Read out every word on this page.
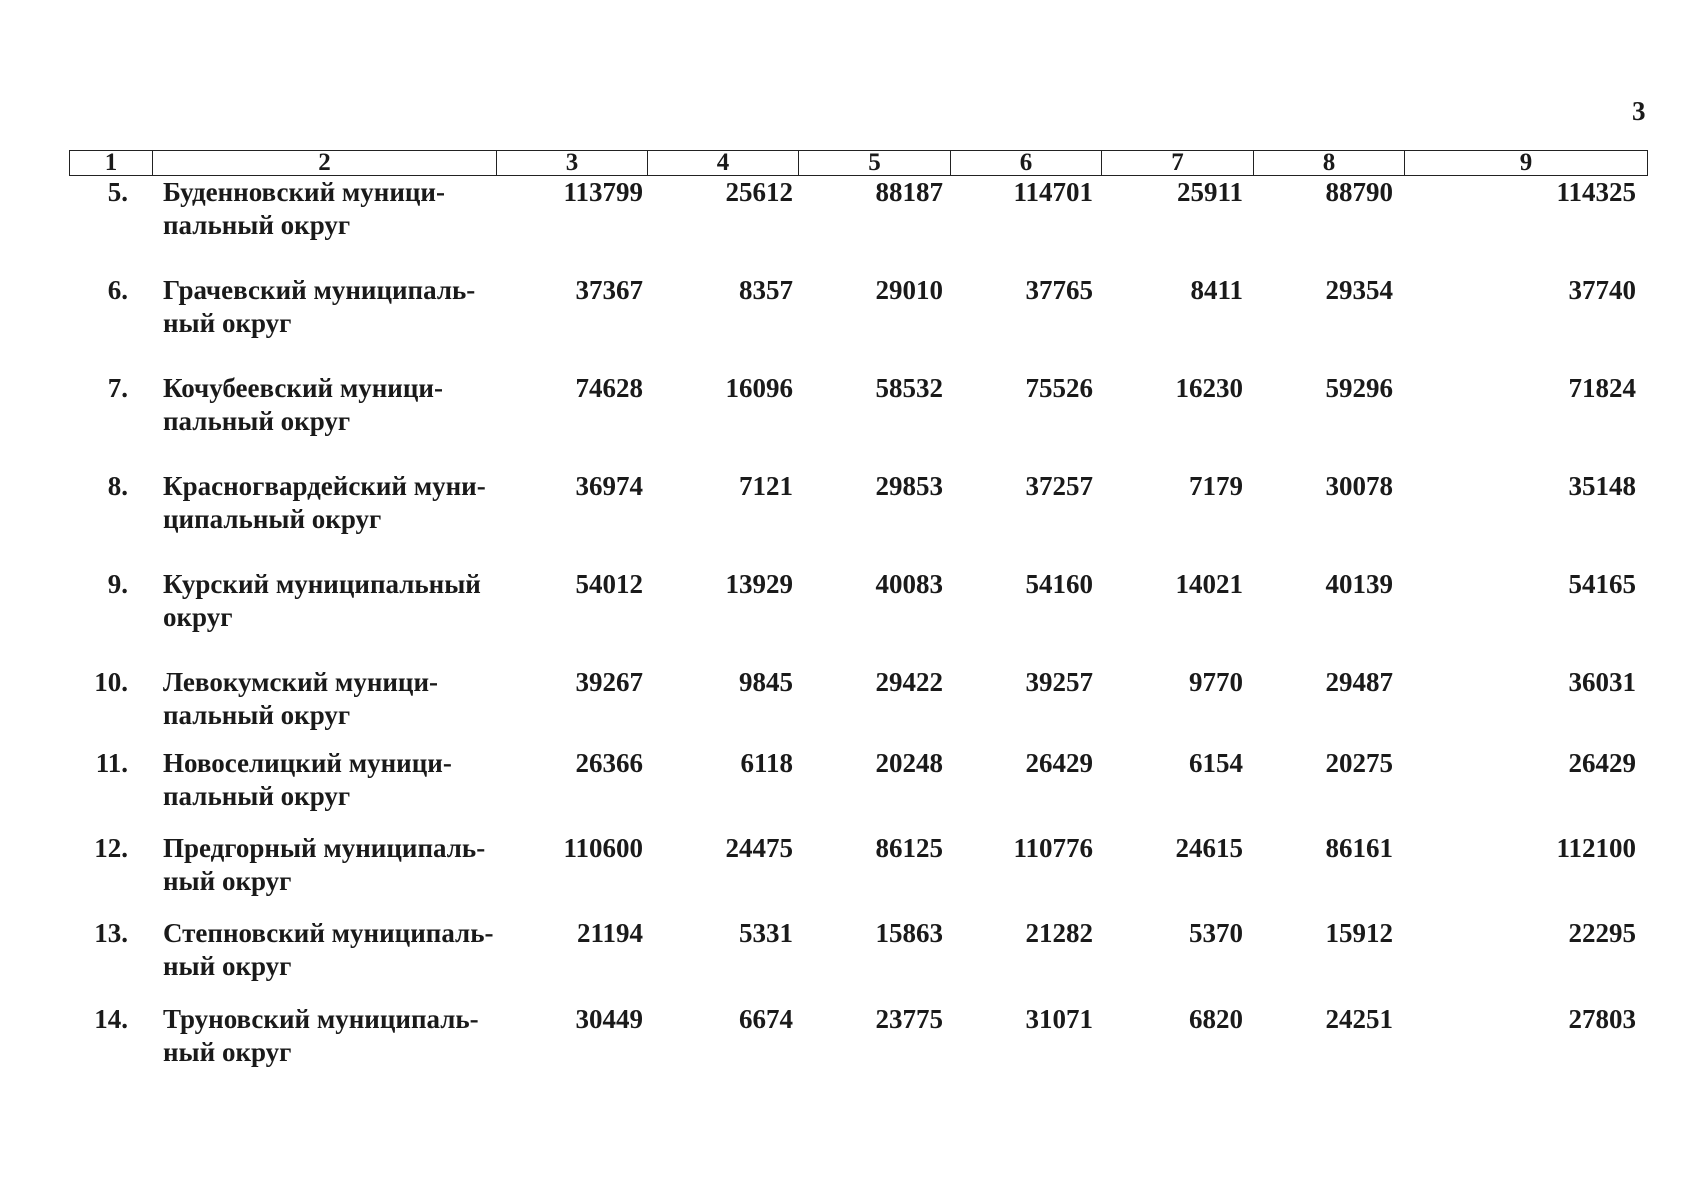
3
1	2	3	4	5	6	7	8	9
5. Буденновский муници-пальный округ
113799	25612	88187	114701	25911	88790	114325
6. Грачевский муниципаль-ный округ
37367	8357	29010	37765	8411	29354	37740
7. Кочубеевский муници-пальный округ
74628	16096	58532	75526	16230	59296	71824
8. Красногвардейский муни-ципальный округ
36974	7121	29853	37257	7179	30078	35148
9. Курский муниципальный округ
54012	13929	40083	54160	14021	40139	54165
10. Левокумский муници-пальный округ
39267	9845	29422	39257	9770	29487	36031
11. Новоселицкий муници-пальный округ
26366	6118	20248	26429	6154	20275	26429
12. Предгорный муниципаль-ный округ
110600	24475	86125	110776	24615	86161	112100
13. Степновский муниципаль-ный округ
21194	5331	15863	21282	5370	15912	22295
14. Труновский муниципаль-ный округ
30449	6674	23775	31071	6820	24251	27803
